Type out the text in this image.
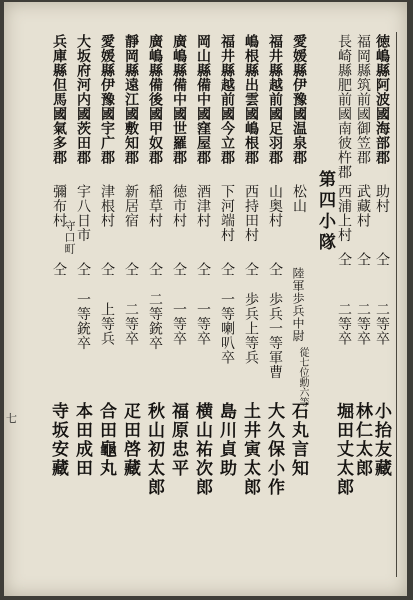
徳嶋縣阿波國海部郡
助村
仝
二等卒
小抬友藏
福岡縣筑前國御笠郡
武藏村
仝
二等卒
林仁太郎
長崎縣肥前國南彼杵郡
西浦上村
仝
二等卒
堀田丈太郎
第四小隊
愛媛縣伊豫國温泉郡
松山
陸軍歩兵中尉
從七位勳六等
石丸言知
福井縣越前國足羽郡
山奥村
仝
歩兵一等軍曹
大久保小作
嶋根縣出雲國嶋根郡
西持田村
仝
歩兵上等兵
土井寅太郎
福井縣越前國今立郡
下河端村
仝
一等喇叭卒
島川貞助
岡山縣備中國窪屋郡
酒津村
仝
一等卒
横山祐次郎
廣嶋縣備中國世羅郡
徳市村
仝
一等卒
福原忠平
廣嶋縣備後國甲奴郡
稲草村
仝
二等銃卒
秋山初太郎
靜岡縣遠江國敷知郡
新居宿
仝
二等卒
疋田啓藏
愛媛縣伊豫國宇广郡
津根村
仝
上等兵
合田龜丸
大坂府河内國茨田郡
宇八日市
仝
一等銃卒
本田成田
兵庫縣但馬國氣多郡
彌布村
仝
寺坂安藏
守口町
七
